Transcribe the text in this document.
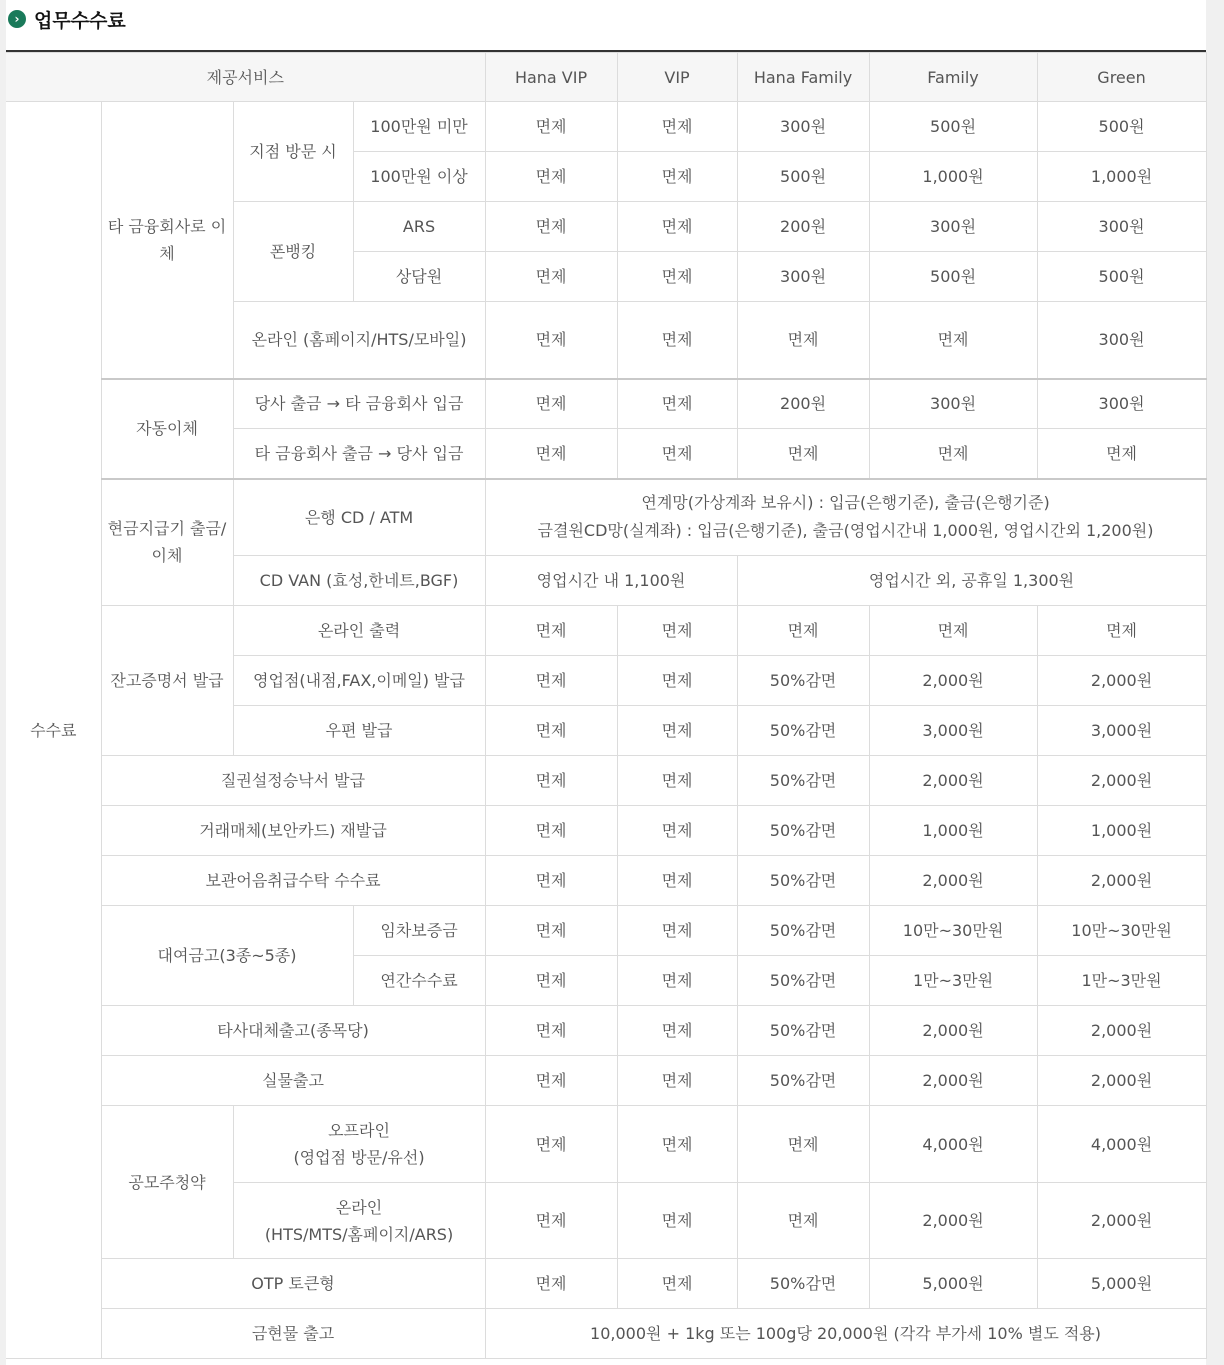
› 업무수수료
제공서비스				Hana VIP	VIP	Hana Family	Family	Green
수수료	타 금융회사로 이체	지점 방문 시	100만원 미만	면제	면제	300원	500원	500원
			100만원 이상	면제	면제	500원	1,000원	1,000원
		폰뱅킹	ARS	면제	면제	200원	300원	300원
			상담원	면제	면제	300원	500원	500원
		온라인 (홈페이지/HTS/모바일)		면제	면제	면제	면제	300원
	자동이체	당사 출금 → 타 금융회사 입금		면제	면제	200원	300원	300원
		타 금융회사 출금 → 당사 입금		면제	면제	면제	면제	면제
	현금지급기 출금/이체	은행 CD / ATM		연계망(가상계좌 보유시) : 입금(은행기준), 출금(은행기준)
금결원CD망(실계좌) : 입금(은행기준), 출금(영업시간내 1,000원, 영업시간외 1,200원)				

		CD VAN (효성,한네트,BGF)		영업시간 내 1,100원		영업시간 외, 공휴일 1,300원		
	잔고증명서 발급	온라인 출력		면제	면제	면제	면제	면제
		영업점(내점,FAX,이메일) 발급		면제	면제	50%감면	2,000원	2,000원
		우편 발급		면제	면제	50%감면	3,000원	3,000원
	질권설정승낙서 발급			면제	면제	50%감면	2,000원	2,000원
	거래매체(보안카드) 재발급			면제	면제	50%감면	1,000원	1,000원
	보관어음취급수탁 수수료			면제	면제	50%감면	2,000원	2,000원
	대여금고(3종~5종)		임차보증금	면제	면제	50%감면	10만~30만원	10만~30만원
			연간수수료	면제	면제	50%감면	1만~3만원	1만~3만원
	타사대체출고(종목당)			면제	면제	50%감면	2,000원	2,000원
	실물출고			면제	면제	50%감면	2,000원	2,000원
	공모주청약	오프라인
(영업점 방문/유선)		면제	면제	면제	4,000원	4,000원

		온라인
(HTS/MTS/홈페이지/ARS)		면제	면제	면제	2,000원	2,000원
	OTP 토큰형			면제	면제	50%감면	5,000원	5,000원
	금현물 출고			10,000원 + 1kg 또는 100g당 20,000원 (각각 부가세 10% 별도 적용)				
